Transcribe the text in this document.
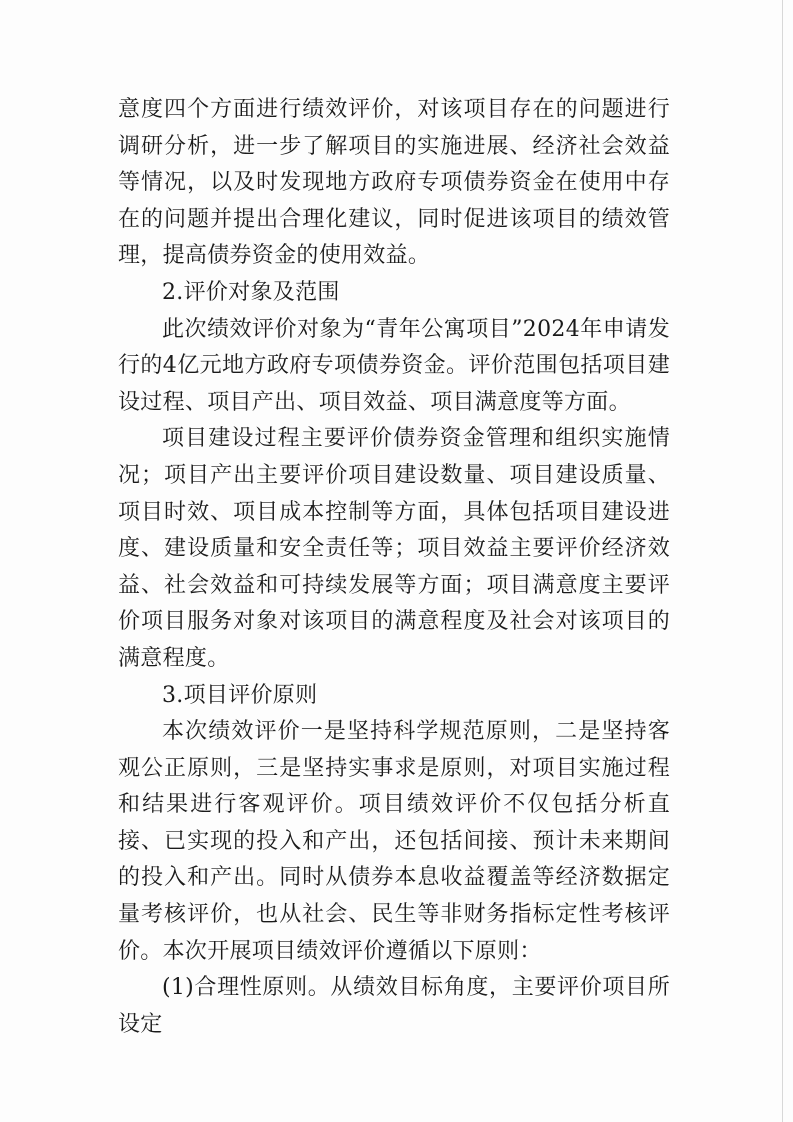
意度四个方面进行绩效评价，对该项目存在的问题进行调研分析，进一步了解项目的实施进展、经济社会效益等情况，以及时发现地方政府专项债券资金在使用中存在的问题并提出合理化建议，同时促进该项目的绩效管理，提高债券资金的使用效益。

2.评价对象及范围

此次绩效评价对象为“青年公寓项目”2024年申请发行的4亿元地方政府专项债券资金。评价范围包括项目建设过程、项目产出、项目效益、项目满意度等方面。

项目建设过程主要评价债券资金管理和组织实施情况；项目产出主要评价项目建设数量、项目建设质量、项目时效、项目成本控制等方面，具体包括项目建设进度、建设质量和安全责任等；项目效益主要评价经济效益、社会效益和可持续发展等方面；项目满意度主要评价项目服务对象对该项目的满意程度及社会对该项目的满意程度。

3.项目评价原则

本次绩效评价一是坚持科学规范原则，二是坚持客观公正原则，三是坚持实事求是原则，对项目实施过程和结果进行客观评价。项目绩效评价不仅包括分析直接、已实现的投入和产出，还包括间接、预计未来期间的投入和产出。同时从债券本息收益覆盖等经济数据定量考核评价，也从社会、民生等非财务指标定性考核评价。本次开展项目绩效评价遵循以下原则：

(1)合理性原则。从绩效目标角度，主要评价项目所设定
